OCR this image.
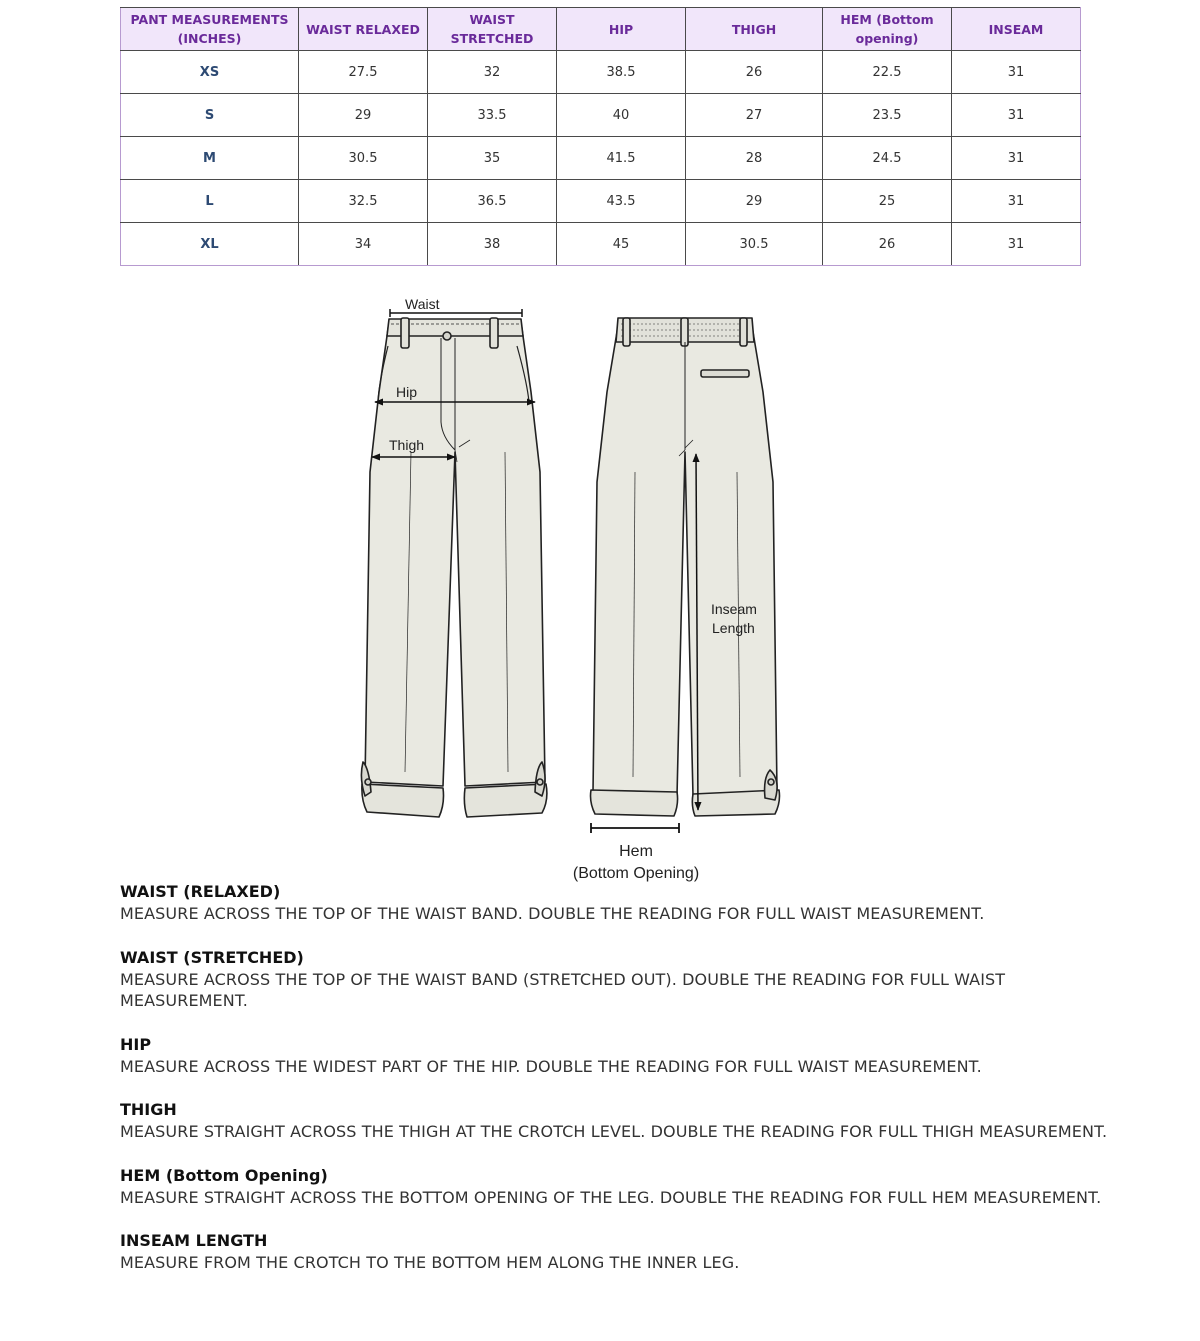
PANT MEASUREMENTS (INCHES)	WAIST RELAXED	WAIST STRETCHED	HIP	THIGH	HEM (Bottom opening)	INSEAM
XS	27.5	32	38.5	26	22.5	31
S	29	33.5	40	27	23.5	31
M	30.5	35	41.5	28	24.5	31
L	32.5	36.5	43.5	29	25	31
XL	34	38	45	30.5	26	31
Waist
Hip
Thigh
Inseam
Length
Hem
(Bottom Opening)
WAIST (RELAXED)
MEASURE ACROSS THE TOP OF THE WAIST BAND. DOUBLE THE READING FOR FULL WAIST MEASUREMENT.
WAIST (STRETCHED)
MEASURE ACROSS THE TOP OF THE WAIST BAND (STRETCHED OUT). DOUBLE THE READING FOR FULL WAIST MEASUREMENT.
HIP
MEASURE ACROSS THE WIDEST PART OF THE HIP. DOUBLE THE READING FOR FULL WAIST MEASUREMENT.
THIGH
MEASURE STRAIGHT ACROSS THE THIGH AT THE CROTCH LEVEL. DOUBLE THE READING FOR FULL THIGH MEASUREMENT.
HEM (Bottom Opening)
MEASURE STRAIGHT ACROSS THE BOTTOM OPENING OF THE LEG. DOUBLE THE READING FOR FULL HEM MEASUREMENT.
INSEAM LENGTH
MEASURE FROM THE CROTCH TO THE BOTTOM HEM ALONG THE INNER LEG.
